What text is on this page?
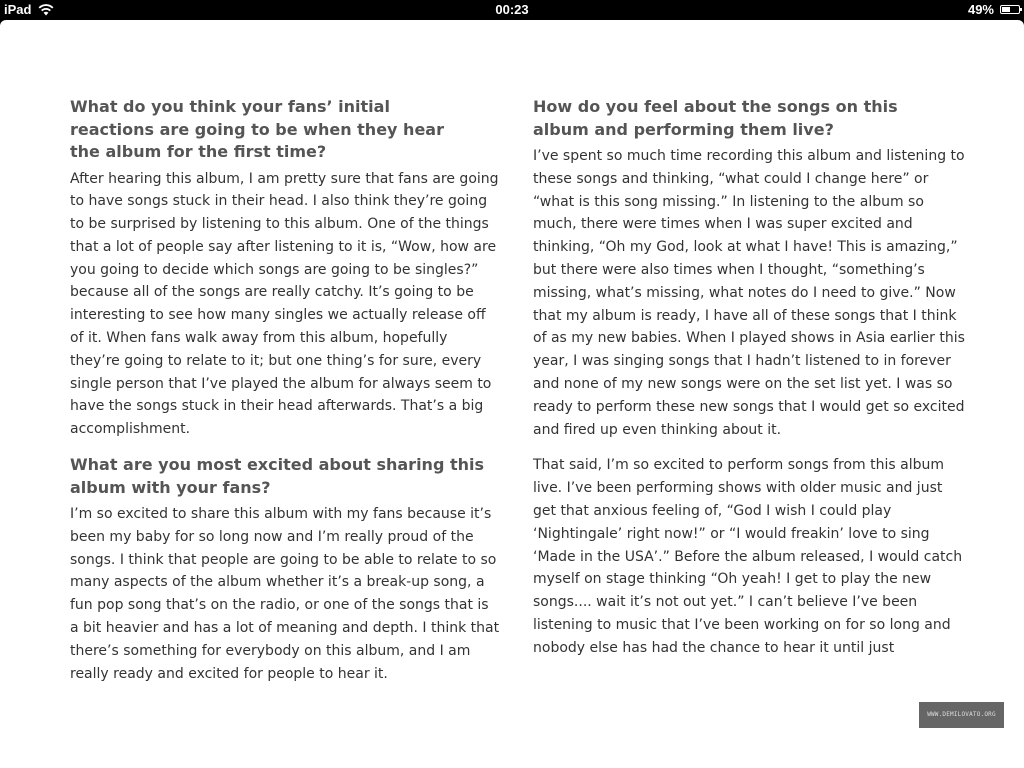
iPad	00:23	49%
What do you think your fans’ initial reactions are going to be when they hear the album for the first time?

After hearing this album, I am pretty sure that fans are going to have songs stuck in their head. I also think they’re going to be surprised by listening to this album. One of the things that a lot of people say after listening to it is, “Wow, how are you going to decide which songs are going to be singles?” because all of the songs are really catchy. It’s going to be interesting to see how many singles we actually release off of it. When fans walk away from this album, hopefully they’re going to relate to it; but one thing’s for sure, every single person that I’ve played the album for always seem to have the songs stuck in their head afterwards. That’s a big accomplishment.

What are you most excited about sharing this album with your fans?

I’m so excited to share this album with my fans because it’s been my baby for so long now and I’m really proud of the songs. I think that people are going to be able to relate to so many aspects of the album whether it’s a break-up song, a fun pop song that’s on the radio, or one of the songs that is a bit heavier and has a lot of meaning and depth. I think that there’s something for everybody on this album, and I am really ready and excited for people to hear it.

How do you feel about the songs on this album and performing them live?

I’ve spent so much time recording this album and listening to these songs and thinking, “what could I change here” or “what is this song missing.” In listening to the album so much, there were times when I was super excited and thinking, “Oh my God, look at what I have! This is amazing,” but there were also times when I thought, “something’s missing, what’s missing, what notes do I need to give.” Now that my album is ready, I have all of these songs that I think of as my new babies. When I played shows in Asia earlier this year, I was singing songs that I hadn’t listened to in forever and none of my new songs were on the set list yet. I was so ready to perform these new songs that I would get so excited and fired up even thinking about it.

That said, I’m so excited to perform songs from this album live. I’ve been performing shows with older music and just get that anxious feeling of, “God I wish I could play ‘Nightingale’ right now!” or “I would freakin’ love to sing ‘Made in the USA’.” Before the album released, I would catch myself on stage thinking “Oh yeah! I get to play the new songs.... wait it’s not out yet.” I can’t believe I’ve been listening to music that I’ve been working on for so long and nobody else has had the chance to hear it until just

WWW.DEMILOVATO.ORG
